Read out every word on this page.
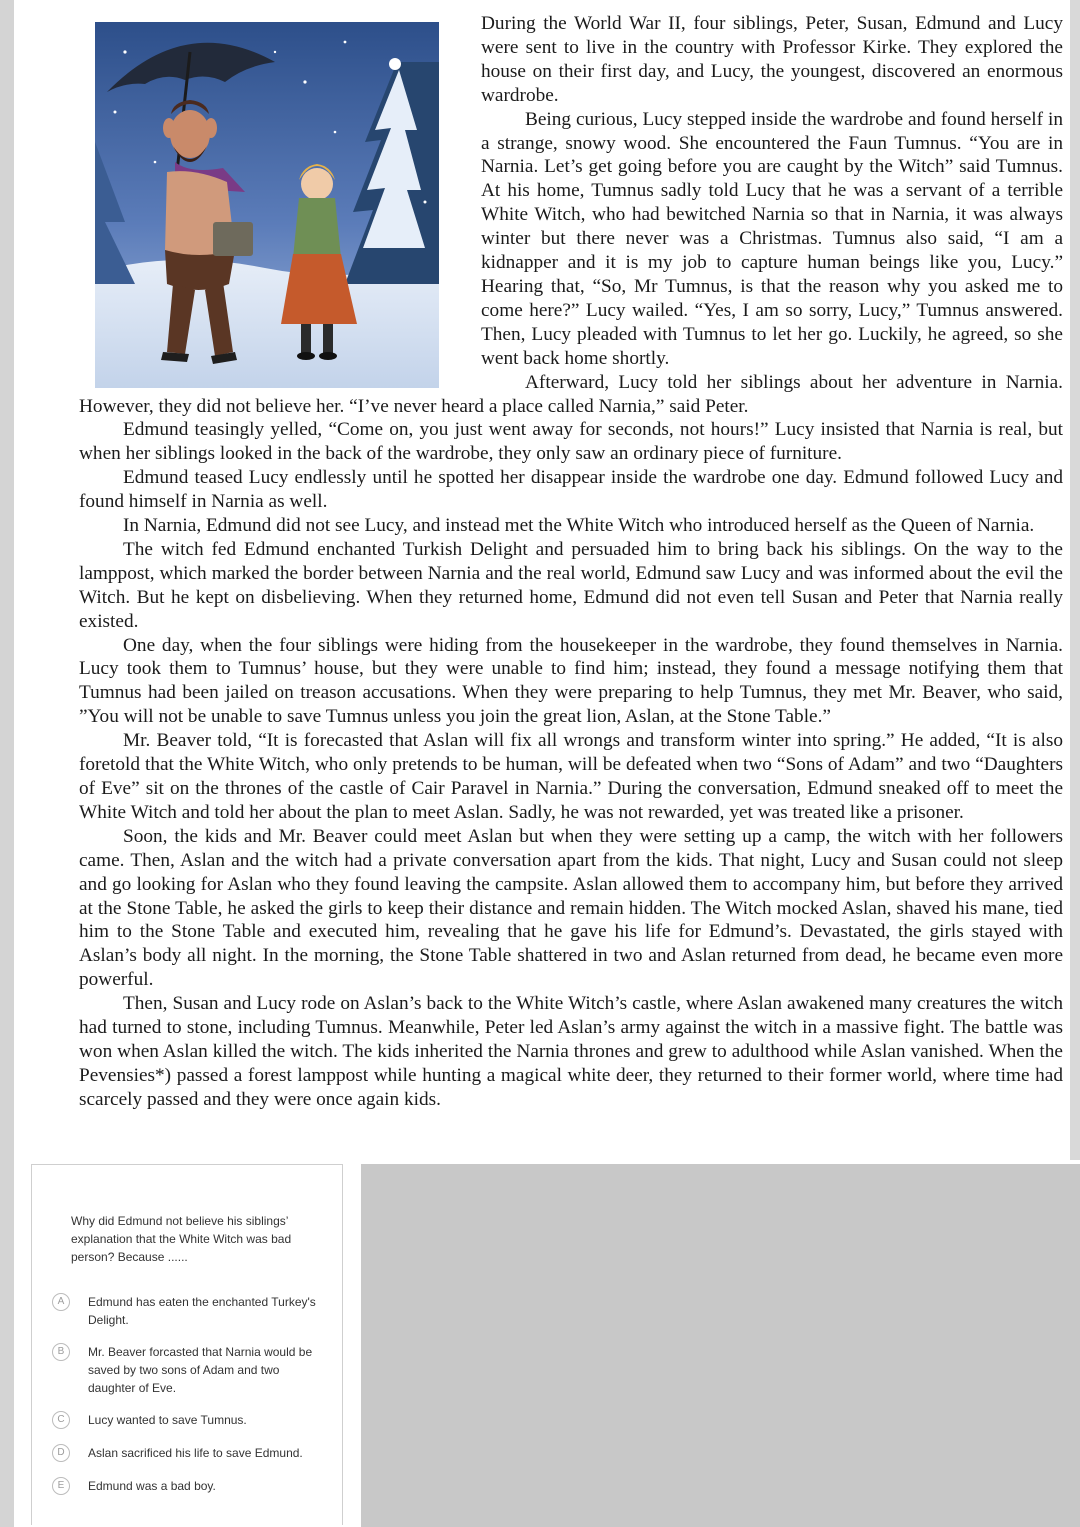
During the World War II, four siblings, Peter, Susan, Edmund and Lucy were sent to live in the country with Professor Kirke. They explored the house on their first day, and Lucy, the youngest, discovered an enormous wardrobe.

Being curious, Lucy stepped inside the wardrobe and found herself in a strange, snowy wood. She encountered the Faun Tumnus. “You are in Narnia. Let’s get going before you are caught by the Witch” said Tumnus. At his home, Tumnus sadly told Lucy that he was a servant of a terrible White Witch, who had bewitched Narnia so that in Narnia, it was always winter but there never was a Christmas. Tumnus also said, “I am a kidnapper and it is my job to capture human beings like you, Lucy.” Hearing that, “So, Mr Tumnus, is that the reason why you asked me to come here?” Lucy wailed. “Yes, I am so sorry, Lucy,” Tumnus answered. Then, Lucy pleaded with Tumnus to let her go. Luckily, he agreed, so she went back home shortly.

Afterward, Lucy told her siblings about her adventure in Narnia. However, they did not believe her. “I’ve never heard a place called Narnia,” said Peter.

Edmund teasingly yelled, “Come on, you just went away for seconds, not hours!” Lucy insisted that Narnia is real, but when her siblings looked in the back of the wardrobe, they only saw an ordinary piece of furniture.

Edmund teased Lucy endlessly until he spotted her disappear inside the wardrobe one day. Edmund followed Lucy and found himself in Narnia as well.

In Narnia, Edmund did not see Lucy, and instead met the White Witch who introduced herself as the Queen of Narnia.

The witch fed Edmund enchanted Turkish Delight and persuaded him to bring back his siblings. On the way to the lamppost, which marked the border between Narnia and the real world, Edmund saw Lucy and was informed about the evil the Witch. But he kept on disbelieving. When they returned home, Edmund did not even tell Susan and Peter that Narnia really existed.

One day, when the four siblings were hiding from the housekeeper in the wardrobe, they found themselves in Narnia. Lucy took them to Tumnus’ house, but they were unable to find him; instead, they found a message notifying them that Tumnus had been jailed on treason accusations. When they were preparing to help Tumnus, they met Mr. Beaver, who said, ”You will not be unable to save Tumnus unless you join the great lion, Aslan, at the Stone Table.”

Mr. Beaver told, “It is forecasted that Aslan will fix all wrongs and transform winter into spring.” He added, “It is also foretold that the White Witch, who only pretends to be human, will be defeated when two “Sons of Adam” and two “Daughters of Eve” sit on the thrones of the castle of Cair Paravel in Narnia.” During the conversation, Edmund sneaked off to meet the White Witch and told her about the plan to meet Aslan. Sadly, he was not rewarded, yet was treated like a prisoner.

Soon, the kids and Mr. Beaver could meet Aslan but when they were setting up a camp, the witch with her followers came. Then, Aslan and the witch had a private conversation apart from the kids. That night, Lucy and Susan could not sleep and go looking for Aslan who they found leaving the campsite. Aslan allowed them to accompany him, but before they arrived at the Stone Table, he asked the girls to keep their distance and remain hidden. The Witch mocked Aslan, shaved his mane, tied him to the Stone Table and executed him, revealing that he gave his life for Edmund’s. Devastated, the girls stayed with Aslan’s body all night. In the morning, the Stone Table shattered in two and Aslan returned from dead, he became even more powerful.

Then, Susan and Lucy rode on Aslan’s back to the White Witch’s castle, where Aslan awakened many creatures the witch had turned to stone, including Tumnus. Meanwhile, Peter led Aslan’s army against the witch in a massive fight. The battle was won when Aslan killed the witch. The kids inherited the Narnia thrones and grew to adulthood while Aslan vanished. When the Pevensies*) passed a forest lamppost while hunting a magical white deer, they returned to their former world, where time had scarcely passed and they were once again kids.

Why did Edmund not believe his siblings’ explanation that the White Witch was bad person? Because ......
A	Edmund has eaten the enchanted Turkey's Delight.
B	Mr. Beaver forcasted that Narnia would be saved by two sons of Adam and two daughter of Eve.
C	Lucy wanted to save Tumnus.
D	Aslan sacrificed his life to save Edmund.
E	Edmund was a bad boy.
